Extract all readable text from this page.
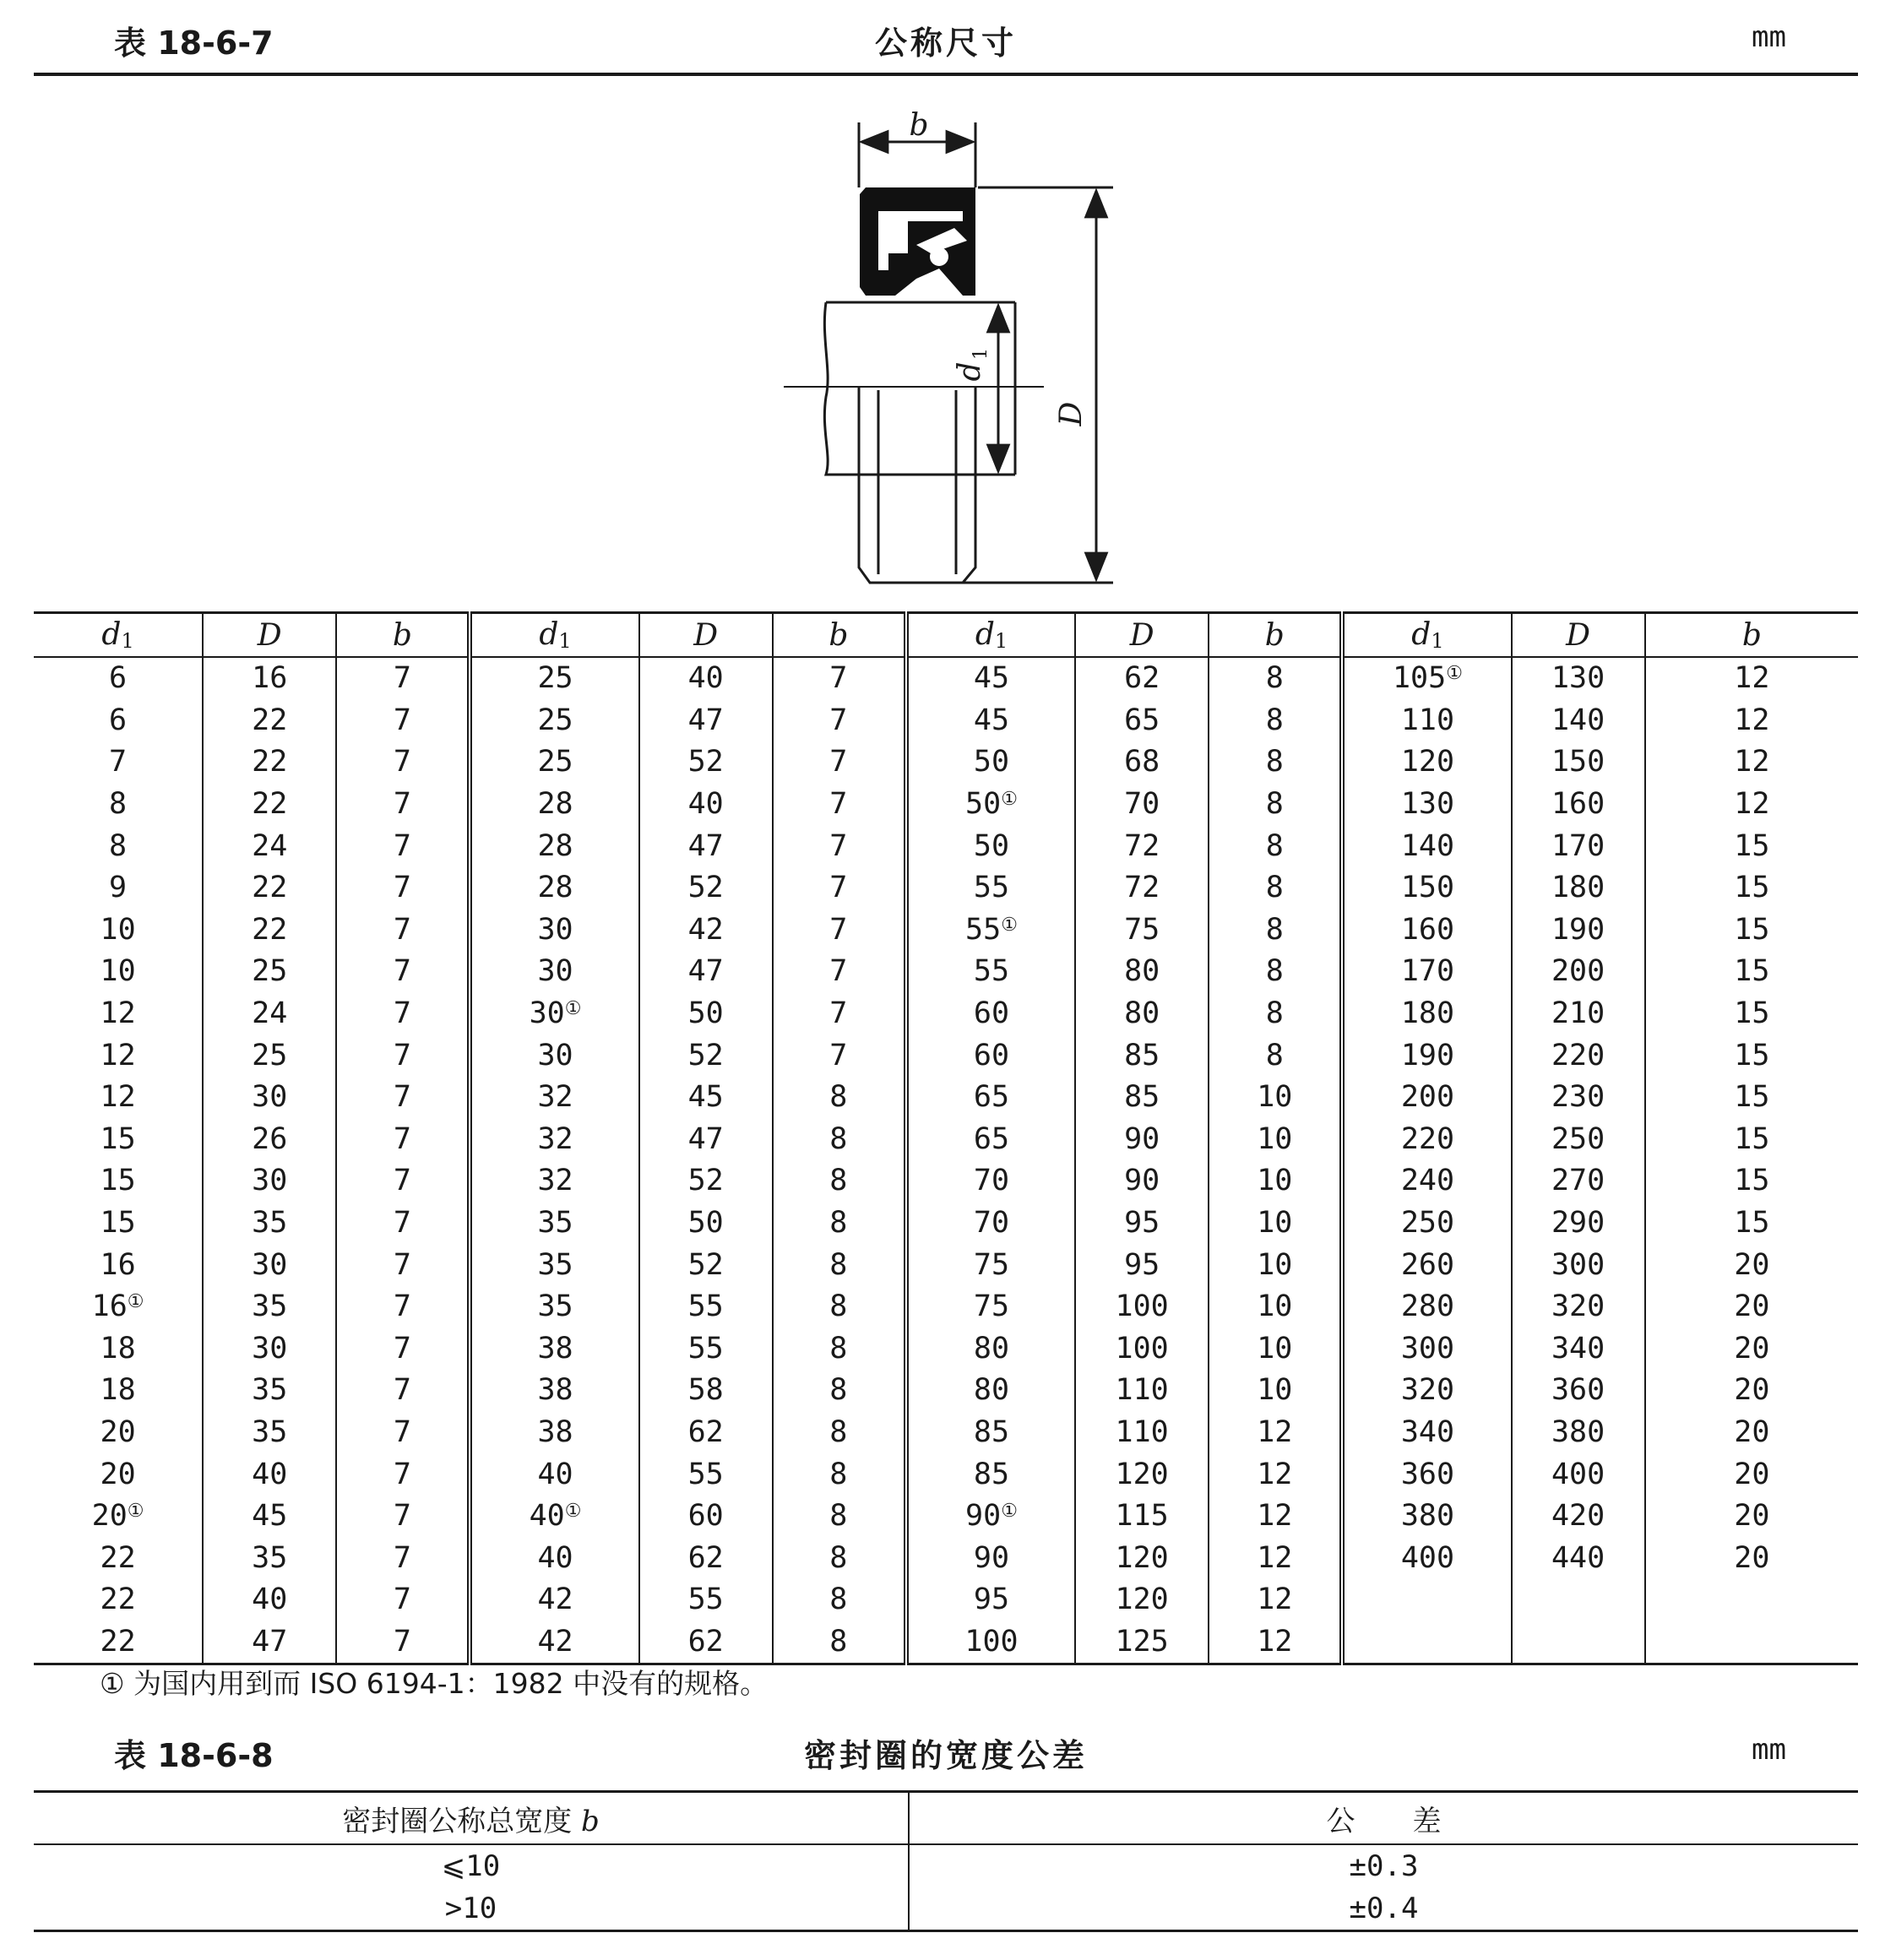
表 18-6-7	公称尺寸	mm
b
D
d
1
d1	D	b	d1	D	b	d1	D	b	d1	D	b
6	16	7	25	40	7	45	62	8	105①	130	12
6	22	7	25	47	7	45	65	8	110	140	12
7	22	7	25	52	7	50	68	8	120	150	12
8	22	7	28	40	7	50①	70	8	130	160	12
8	24	7	28	47	7	50	72	8	140	170	15
9	22	7	28	52	7	55	72	8	150	180	15
10	22	7	30	42	7	55①	75	8	160	190	15
10	25	7	30	47	7	55	80	8	170	200	15
12	24	7	30①	50	7	60	80	8	180	210	15
12	25	7	30	52	7	60	85	8	190	220	15
12	30	7	32	45	8	65	85	10	200	230	15
15	26	7	32	47	8	65	90	10	220	250	15
15	30	7	32	52	8	70	90	10	240	270	15
15	35	7	35	50	8	70	95	10	250	290	15
16	30	7	35	52	8	75	95	10	260	300	20
16①	35	7	35	55	8	75	100	10	280	320	20
18	30	7	38	55	8	80	100	10	300	340	20
18	35	7	38	58	8	80	110	10	320	360	20
20	35	7	38	62	8	85	110	12	340	380	20
20	40	7	40	55	8	85	120	12	360	400	20
20①	45	7	40①	60	8	90①	115	12	380	420	20
22	35	7	40	62	8	90	120	12	400	440	20
22	40	7	42	55	8	95	120	12			
22	47	7	42	62	8	100	125	12			
① 为国内用到而 ISO 6194-1：1982 中没有的规格。
表 18-6-8	密封圈的宽度公差	mm
密封圈公称总宽度 b	公　　差
⩽10	±0.3
>10	±0.4
